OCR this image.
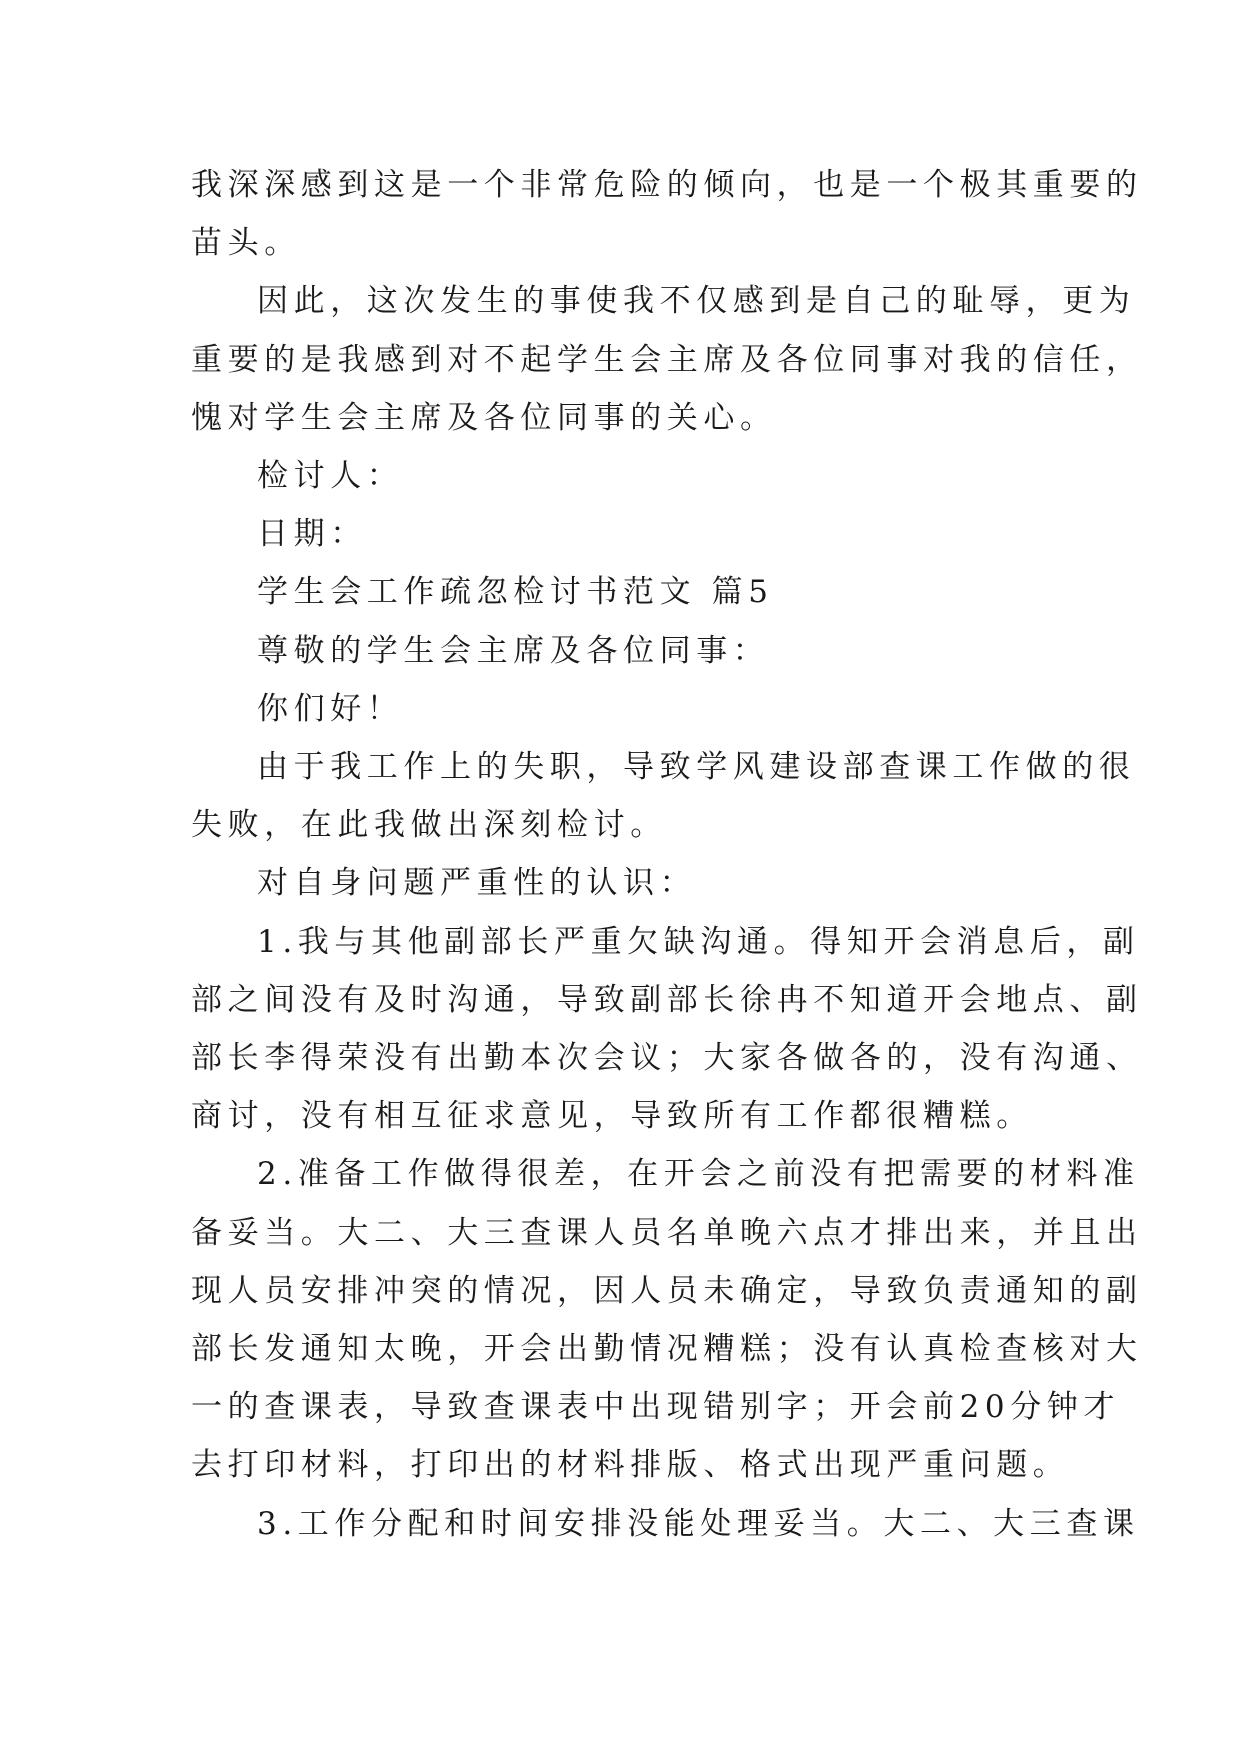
我深深感到这是一个非常危险的倾向，也是一个极其重要的
苗头。
因此，这次发生的事使我不仅感到是自己的耻辱，更为
重要的是我感到对不起学生会主席及各位同事对我的信任，
愧对学生会主席及各位同事的关心。
检讨人：
日期：
学生会工作疏忽检讨书范文 篇5
尊敬的学生会主席及各位同事：
你们好！
由于我工作上的失职，导致学风建设部查课工作做的很
失败，在此我做出深刻检讨。
对自身问题严重性的认识：
1.我与其他副部长严重欠缺沟通。得知开会消息后，副
部之间没有及时沟通，导致副部长徐冉不知道开会地点、副
部长李得荣没有出勤本次会议；大家各做各的，没有沟通、
商讨，没有相互征求意见，导致所有工作都很糟糕。
2.准备工作做得很差，在开会之前没有把需要的材料准
备妥当。大二、大三查课人员名单晚六点才排出来，并且出
现人员安排冲突的情况，因人员未确定，导致负责通知的副
部长发通知太晚，开会出勤情况糟糕；没有认真检查核对大
一的查课表，导致查课表中出现错别字；开会前20分钟才
去打印材料，打印出的材料排版、格式出现严重问题。
3.工作分配和时间安排没能处理妥当。大二、大三查课
